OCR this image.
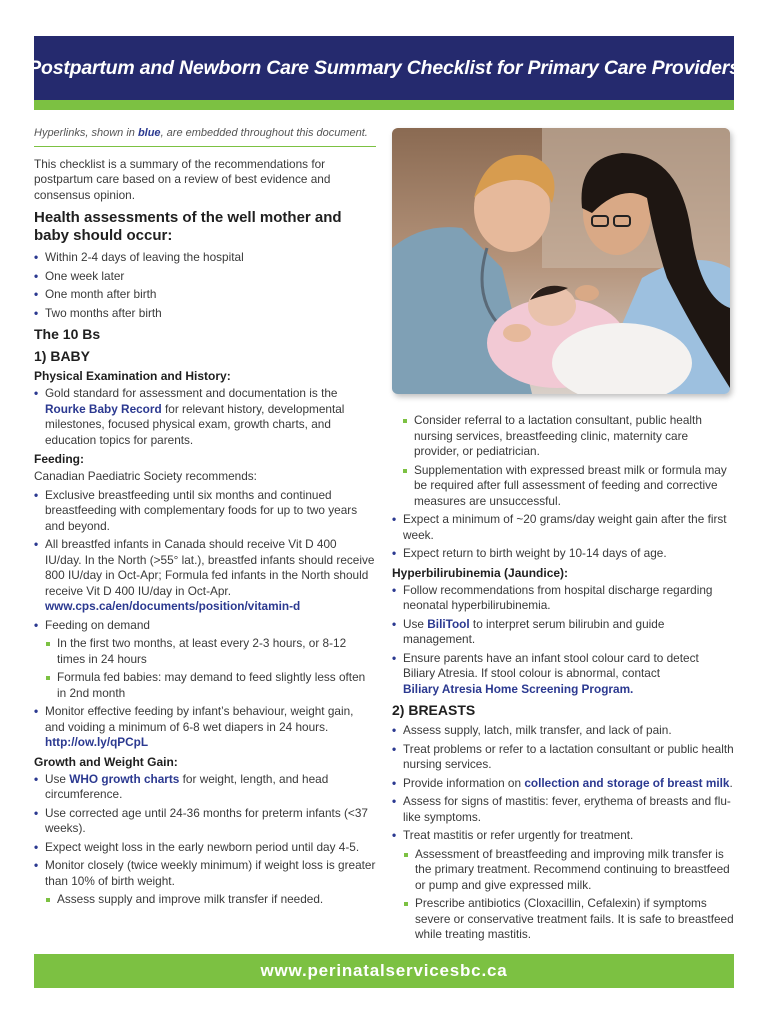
Postpartum and Newborn Care Summary Checklist for Primary Care Providers
Hyperlinks, shown in blue, are embedded throughout this document.

This checklist is a summary of the recommendations for postpartum care based on a review of best evidence and consensus opinion.

Health assessments of the well mother and baby should occur:
• Within 2-4 days of leaving the hospital
• One week later
• One month after birth
• Two months after birth
The 10 Bs
1) BABY
Physical Examination and History:
• Gold standard for assessment and documentation is the Rourke Baby Record for relevant history, developmental milestones, focused physical exam, growth charts, and education topics for parents.
Feeding:

Canadian Paediatric Society recommends:

• Exclusive breastfeeding until six months and continued breastfeeding with complementary foods for up to two years and beyond.
• All breastfed infants in Canada should receive Vit D 400 IU/day. In the North (>55° lat.), breastfed infants should receive 800 IU/day in Oct-Apr; Formula fed infants in the North should receive Vit D 400 IU/day in Oct-Apr.
www.cps.ca/en/documents/position/vitamin-d
• Feeding on demand
In the first two months, at least every 2-3 hours, or 8-12 times in 24 hours
Formula fed babies: may demand to feed slightly less often in 2nd month
• Monitor effective feeding by infant’s behaviour, weight gain, and voiding a minimum of 6-8 wet diapers in 24 hours.
http://ow.ly/qPCpL
Growth and Weight Gain:
• Use WHO growth charts for weight, length, and head circumference.
• Use corrected age until 24-36 months for preterm infants (<37 weeks).
• Expect weight loss in the early newborn period until day 4-5.
• Monitor closely (twice weekly minimum) if weight loss is greater than 10% of birth weight.
Assess supply and improve milk transfer if needed.
Consider referral to a lactation consultant, public health nursing services, breastfeeding clinic, maternity care provider, or pediatrician.
Supplementation with expressed breast milk or formula may be required after full assessment of feeding and corrective measures are unsuccessful.
• Expect a minimum of ~20 grams/day weight gain after the first week.
• Expect return to birth weight by 10-14 days of age.
Hyperbilirubinemia (Jaundice):
• Follow recommendations from hospital discharge regarding neonatal hyperbilirubinemia.
• Use BiliTool to interpret serum bilirubin and guide management.
• Ensure parents have an infant stool colour card to detect Biliary Atresia. If stool colour is abnormal, contact
Biliary Atresia Home Screening Program.
2) BREASTS
• Assess supply, latch, milk transfer, and lack of pain.
• Treat problems or refer to a lactation consultant or public health nursing services.
• Provide information on collection and storage of breast milk.
• Assess for signs of mastitis: fever, erythema of breasts and flu-like symptoms.
• Treat mastitis or refer urgently for treatment.
Assessment of breastfeeding and improving milk transfer is the primary treatment. Recommend continuing to breastfeed or pump and give expressed milk.
Prescribe antibiotics (Cloxacillin, Cefalexin) if symptoms severe or conservative treatment fails. It is safe to breastfeed while treating mastitis.
www.perinatalservicesbc.ca
